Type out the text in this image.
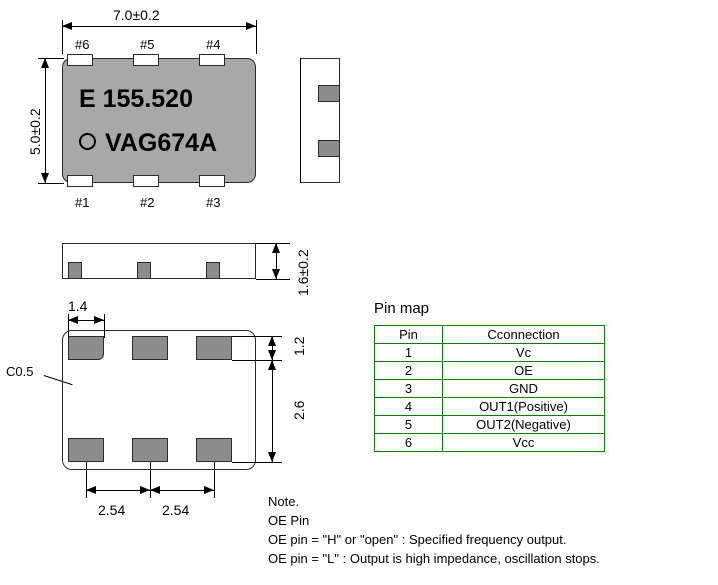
7.0±0.2
5.0±0.2
#6	#5	#4
#1	#2	#3
E 155.520
VAG674A
1.6±0.2
C0.5
1.4
1.2
2.6
2.54	2.54
Pin map
Pin	Cconnection
1	Vc
2	OE
3	GND
4	OUT1(Positive)
5	OUT2(Negative)
6	Vcc
Note.
OE Pin
OE pin = "H" or "open" : Specified frequency output.
OE pin = "L" : Output is high impedance, oscillation stops.
